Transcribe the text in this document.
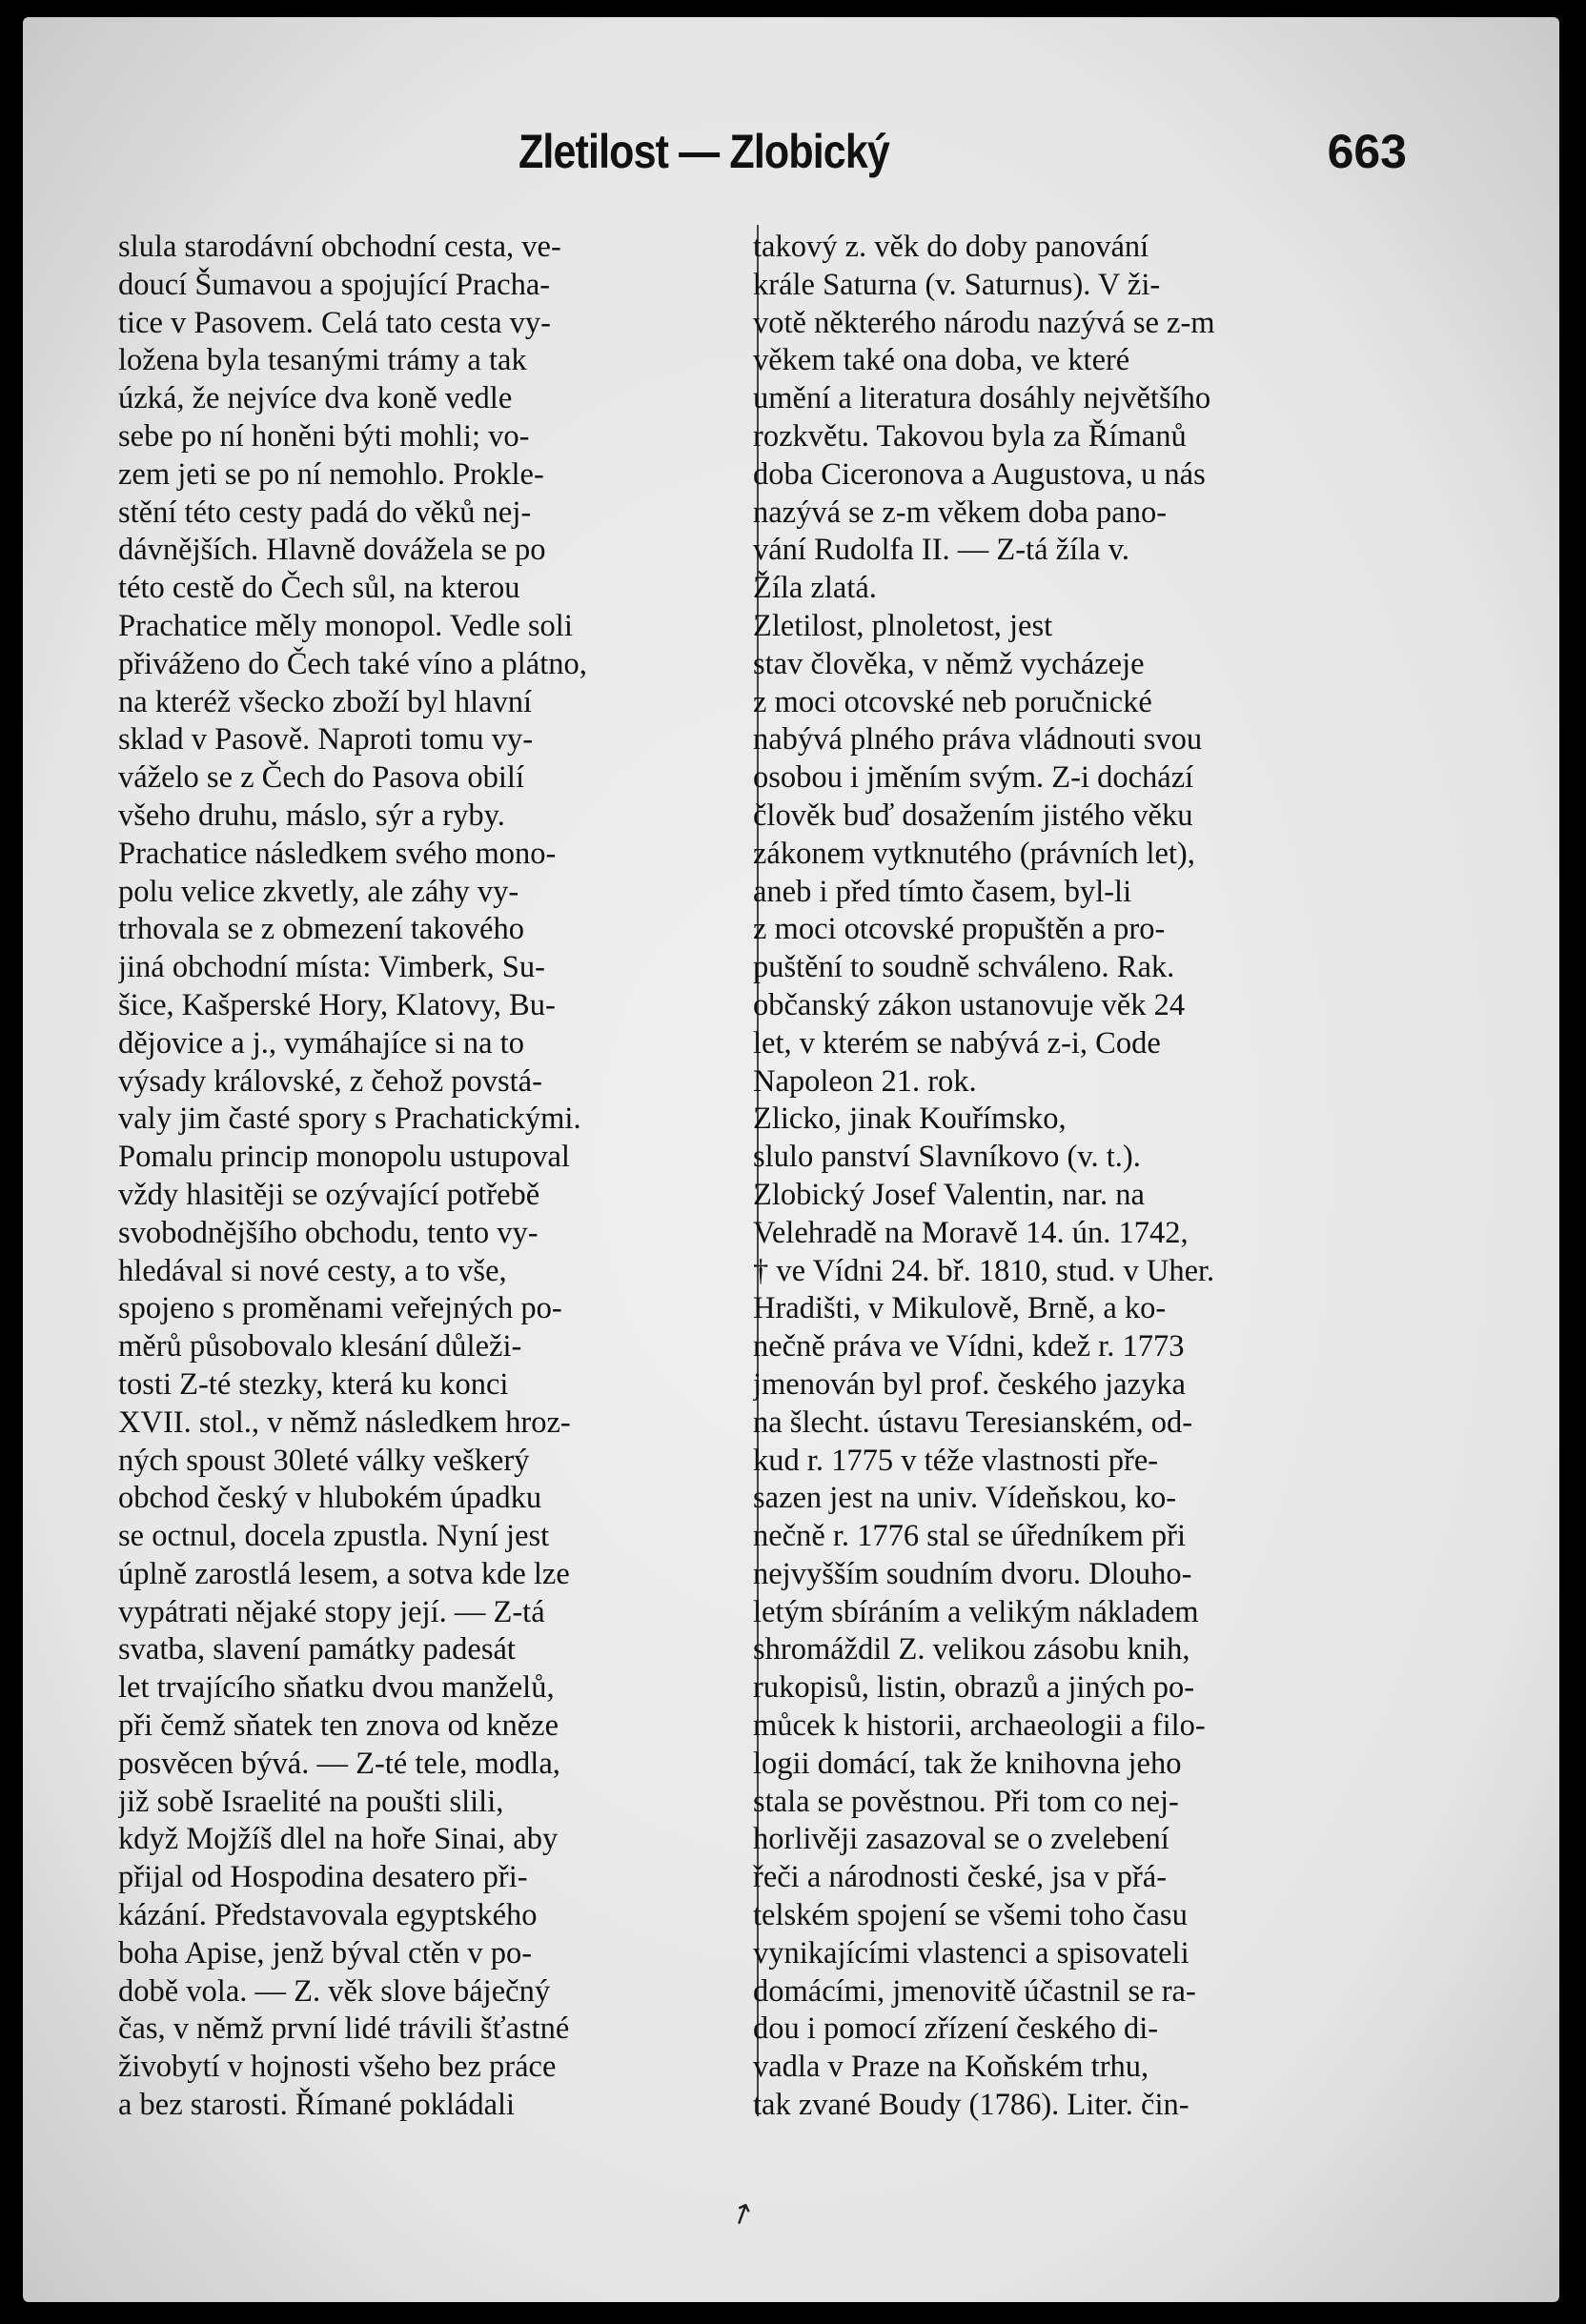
Zletilost — Zlobický	663
slula starodávní obchodní cesta, ve-
doucí Šumavou a spojující Pracha-
tice v Pasovem. Celá tato cesta vy-
ložena byla tesanými trámy a tak
úzká, že nejvíce dva koně vedle
sebe po ní honěni býti mohli; vo-
zem jeti se po ní nemohlo. Prokle-
stění této cesty padá do věků nej-
dávnějších. Hlavně dovážela se po
této cestě do Čech sůl, na kterou
Prachatice měly monopol. Vedle soli
přiváženo do Čech také víno a plátno,
na kteréž všecko zboží byl hlavní
sklad v Pasově. Naproti tomu vy-
váželo se z Čech do Pasova obilí
všeho druhu, máslo, sýr a ryby.
Prachatice následkem svého mono-
polu velice zkvetly, ale záhy vy-
trhovala se z obmezení takového
jiná obchodní místa: Vimberk, Su-
šice, Kašperské Hory, Klatovy, Bu-
dějovice a j., vymáhajíce si na to
výsady královské, z čehož povstá-
valy jim časté spory s Prachatickými.
Pomalu princip monopolu ustupoval
vždy hlasitěji se ozývající potřebě
svobodnějšího obchodu, tento vy-
hledával si nové cesty, a to vše,
spojeno s proměnami veřejných po-
měrů působovalo klesání důleži-
tosti Z-té stezky, která ku konci
XVII. stol., v němž následkem hroz-
ných spoust 30leté války veškerý
obchod český v hlubokém úpadku
se octnul, docela zpustla. Nyní jest
úplně zarostlá lesem, a sotva kde lze
vypátrati nějaké stopy její. — Z-tá
svatba, slavení památky padesát
let trvajícího sňatku dvou manželů,
při čemž sňatek ten znova od kněze
posvěcen bývá. — Z-té tele, modla,
již sobě Israelité na poušti slili,
když Mojžíš dlel na hoře Sinai, aby
přijal od Hospodina desatero při-
kázání. Představovala egyptského
boha Apise, jenž býval ctěn v po-
době vola. — Z. věk slove báječný
čas, v němž první lidé trávili šťastné
živobytí v hojnosti všeho bez práce
a bez starosti. Římané pokládali
takový z. věk do doby panování
krále Saturna (v. Saturnus). V ži-
votě některého národu nazývá se z-m
věkem také ona doba, ve které
umění a literatura dosáhly největšího
rozkvětu. Takovou byla za Římanů
doba Ciceronova a Augustova, u nás
nazývá se z-m věkem doba pano-
vání Rudolfa II. — Z-tá žíla v.
Žíla zlatá.
Zletilost, plnoletost, jest
stav člověka, v němž vycházeje
z moci otcovské neb poručnické
nabývá plného práva vládnouti svou
osobou i jměním svým. Z-i dochází
člověk buď dosažením jistého věku
zákonem vytknutého (právních let),
aneb i před tímto časem, byl-li
z moci otcovské propuštěn a pro-
puštění to soudně schváleno. Rak.
občanský zákon ustanovuje věk 24
let, v kterém se nabývá z-i, Code
Napoleon 21. rok.
Zlicko, jinak Kouřímsko,
slulo panství Slavníkovo (v. t.).
Zlobický Josef Valentin, nar. na
Velehradě na Moravě 14. ún. 1742,
† ve Vídni 24. bř. 1810, stud. v Uher.
Hradišti, v Mikulově, Brně, a ko-
nečně práva ve Vídni, kdež r. 1773
jmenován byl prof. českého jazyka
na šlecht. ústavu Teresianském, od-
kud r. 1775 v téže vlastnosti pře-
sazen jest na univ. Vídeňskou, ko-
nečně r. 1776 stal se úředníkem při
nejvyšším soudním dvoru. Dlouho-
letým sbíráním a velikým nákladem
shromáždil Z. velikou zásobu knih,
rukopisů, listin, obrazů a jiných po-
můcek k historii, archaeologii a filo-
logii domácí, tak že knihovna jeho
stala se pověstnou. Při tom co nej-
horlivěji zasazoval se o zvelebení
řeči a národnosti české, jsa v přá-
telském spojení se všemi toho času
vynikajícími vlastenci a spisovateli
domácími, jmenovitě účastnil se ra-
dou i pomocí zřízení českého di-
vadla v Praze na Koňském trhu,
tak zvané Boudy (1786). Liter. čin-
↗
